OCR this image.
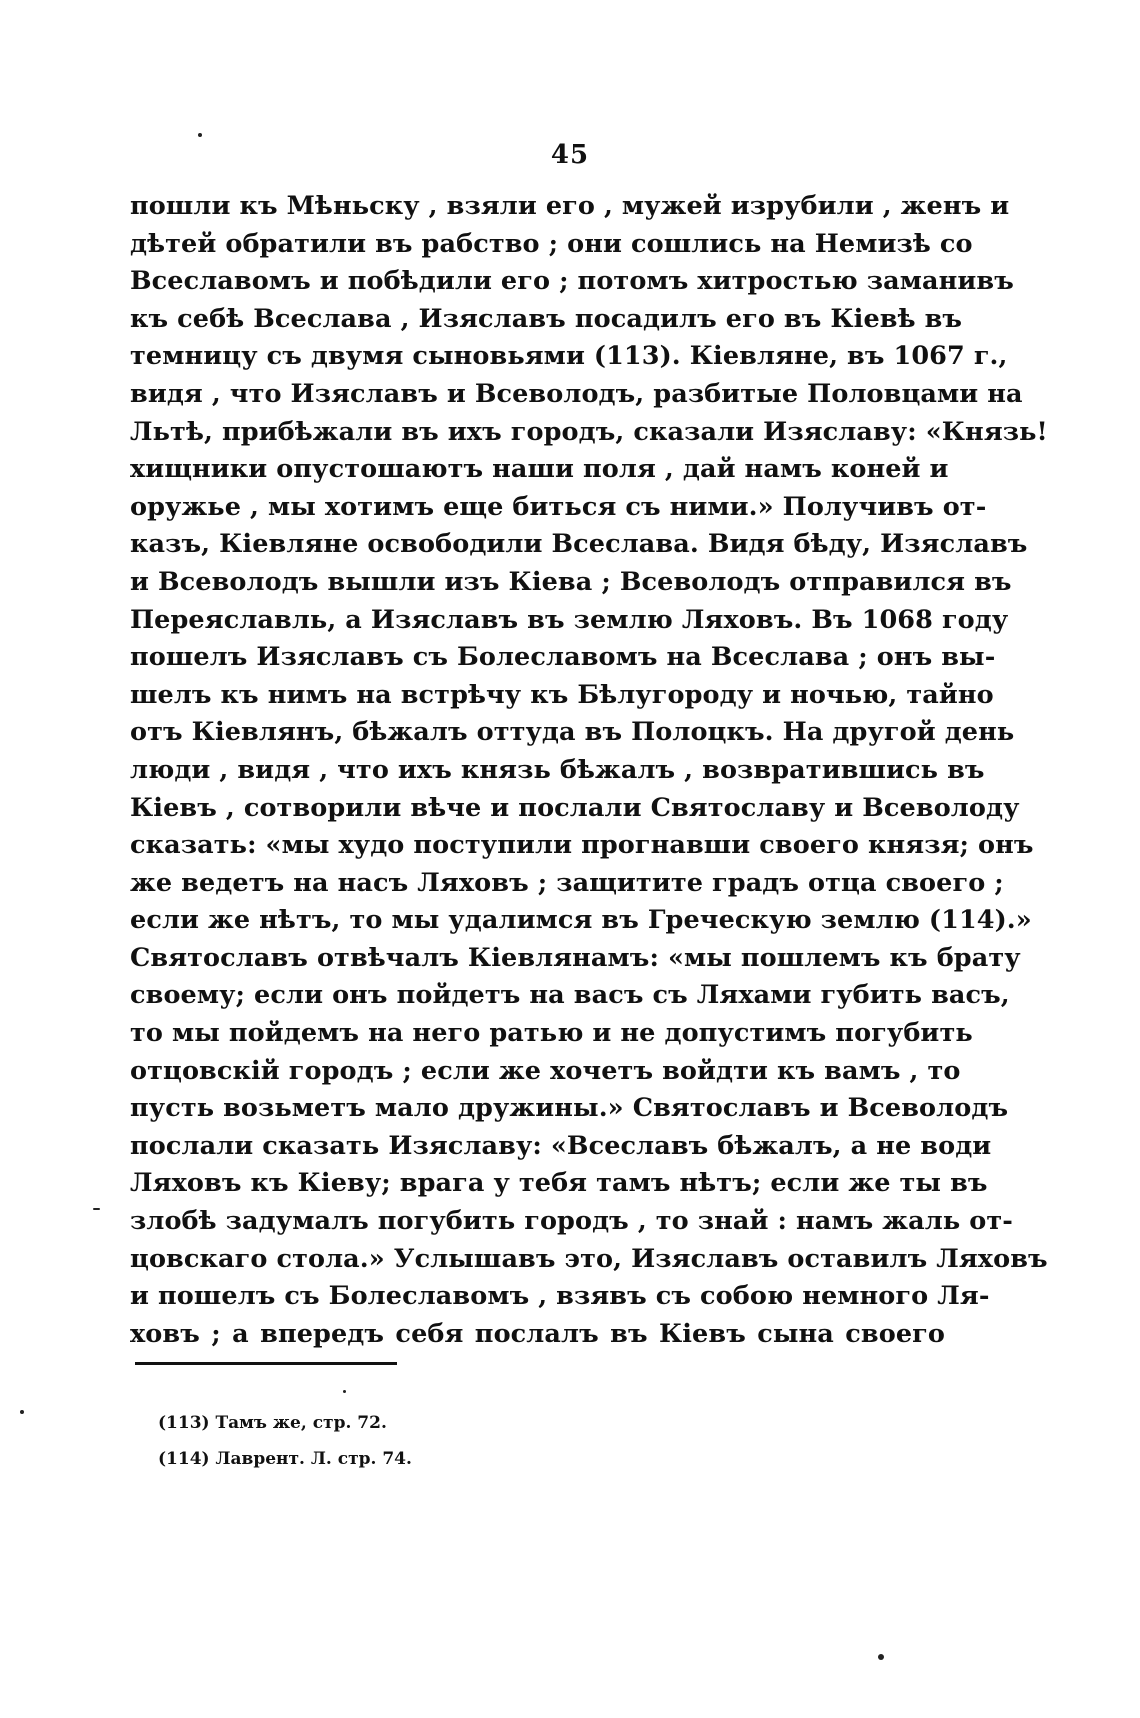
45
пошли къ Мѣньску , взяли его , мужей изрубили , женъ и
дѣтей обратили въ рабство ; они сошлись на Немизѣ со
Всеславомъ и побѣдили его ; потомъ хитростью заманивъ
къ себѣ Всеслава , Изяславъ посадилъ его въ Кіевѣ въ
темницу съ двумя сыновьями (113). Кіевляне, въ 1067 г.,
видя , что Изяславъ и Всеволодъ, разбитые Половцами на
Льтѣ, прибѣжали въ ихъ городъ, сказали Изяславу: «Князь!
хищники опустошаютъ наши поля , дай намъ коней и
оружье , мы хотимъ еще биться съ ними.» Получивъ от-
казъ, Кіевляне освободили Всеслава. Видя бѣду, Изяславъ
и Всеволодъ вышли изъ Кіева ; Всеволодъ отправился въ
Переяславль, а Изяславъ въ землю Ляховъ. Въ 1068 году
пошелъ Изяславъ съ Болеславомъ на Всеслава ; онъ вы-
шелъ къ нимъ на встрѣчу къ Бѣлугороду и ночью, тайно
отъ Кіевлянъ, бѣжалъ оттуда въ Полоцкъ. На другой день
люди , видя , что ихъ князь бѣжалъ , возвратившись въ
Кіевъ , сотворили вѣче и послали Святославу и Всеволоду
сказать: «мы худо поступили прогнавши своего князя; онъ
же ведетъ на насъ Ляховъ ; защитите градъ отца своего ;
если же нѣтъ, то мы удалимся въ Греческую землю (114).»
Святославъ отвѣчалъ Кіевлянамъ: «мы пошлемъ къ брату
своему; если онъ пойдетъ на васъ съ Ляхами губить васъ,
то мы пойдемъ на него ратью и не допустимъ погубить
отцовскій городъ ; если же хочетъ войдти къ вамъ , то
пусть возьметъ мало дружины.» Святославъ и Всеволодъ
послали сказать Изяславу: «Всеславъ бѣжалъ, а не води
Ляховъ къ Кіеву; врага у тебя тамъ нѣтъ; если же ты въ
злобѣ задумалъ погубить городъ , то знай : намъ жаль от-
цовскаго стола.» Услышавъ это, Изяславъ оставилъ Ляховъ
и пошелъ съ Болеславомъ , взявъ съ собою немного Ля-
ховъ ; а впередъ себя послалъ въ Кіевъ сына своего
(113) Тамъ же, стр. 72.
(114) Лаврент. Л. стр. 74.
